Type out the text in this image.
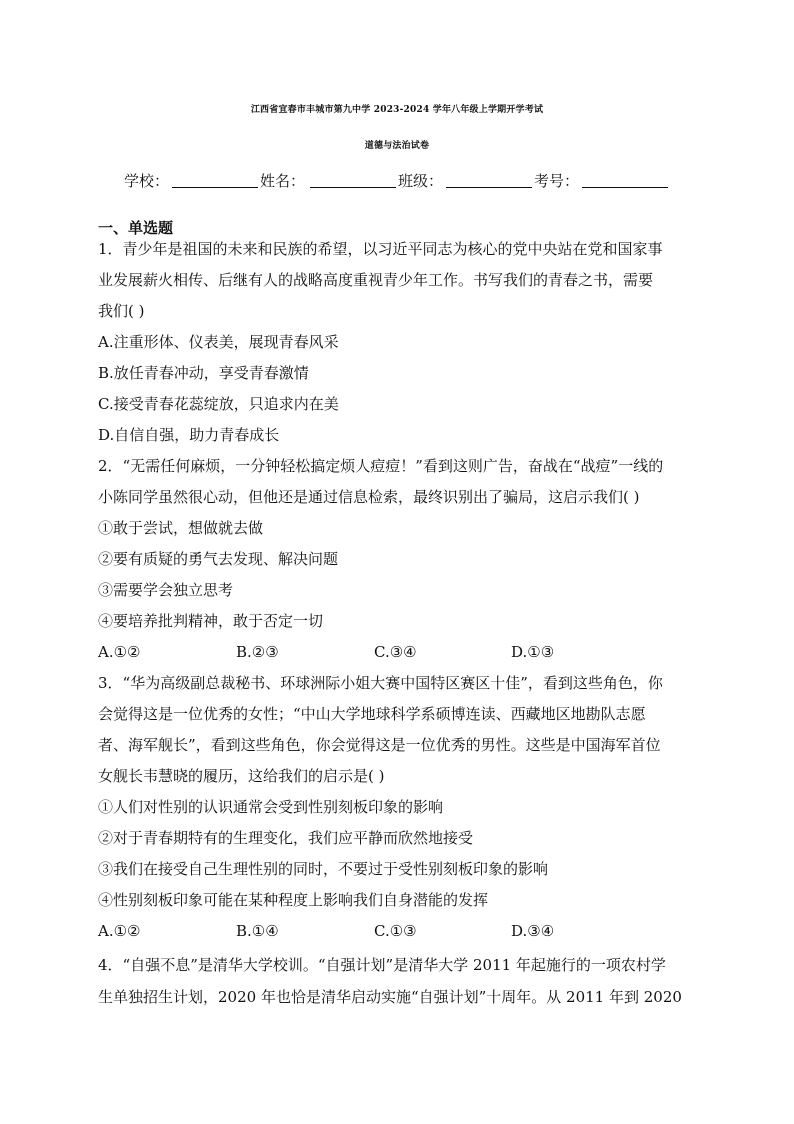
江西省宜春市丰城市第九中学 2023-2024 学年八年级上学期开学考试
道德与法治试卷
学校：	姓名：	班级：	考号：
一、单选题
1．青少年是祖国的未来和民族的希望，以习近平同志为核心的党中央站在党和国家事
业发展薪火相传、后继有人的战略高度重视青少年工作。书写我们的青春之书，需要
我们( )
A.注重形体、仪表美，展现青春风采
B.放任青春冲动，享受青春激情
C.接受青春花蕊绽放，只追求内在美
D.自信自强，助力青春成长
2．“无需任何麻烦，一分钟轻松搞定烦人痘痘！”看到这则广告，奋战在“战痘”一线的
小陈同学虽然很心动，但他还是通过信息检索，最终识别出了骗局，这启示我们( )
①敢于尝试，想做就去做
②要有质疑的勇气去发现、解决问题
③需要学会独立思考
④要培养批判精神，敢于否定一切
A.①②	B.②③	C.③④	D.①③
3．“华为高级副总裁秘书、环球洲际小姐大赛中国特区赛区十佳”，看到这些角色，你
会觉得这是一位优秀的女性；“中山大学地球科学系硕博连读、西藏地区地勘队志愿
者、海军舰长”，看到这些角色，你会觉得这是一位优秀的男性。这些是中国海军首位
女舰长韦慧晓的履历，这给我们的启示是( )
①人们对性别的认识通常会受到性别刻板印象的影响
②对于青春期特有的生理变化，我们应平静而欣然地接受
③我们在接受自己生理性别的同时，不要过于受性别刻板印象的影响
④性别刻板印象可能在某种程度上影响我们自身潜能的发挥
A.①②	B.①④	C.①③	D.③④
4．“自强不息”是清华大学校训。“自强计划”是清华大学 2011 年起施行的一项农村学
生单独招生计划，2020 年也恰是清华启动实施“自强计划”十周年。从 2011 年到 2020
